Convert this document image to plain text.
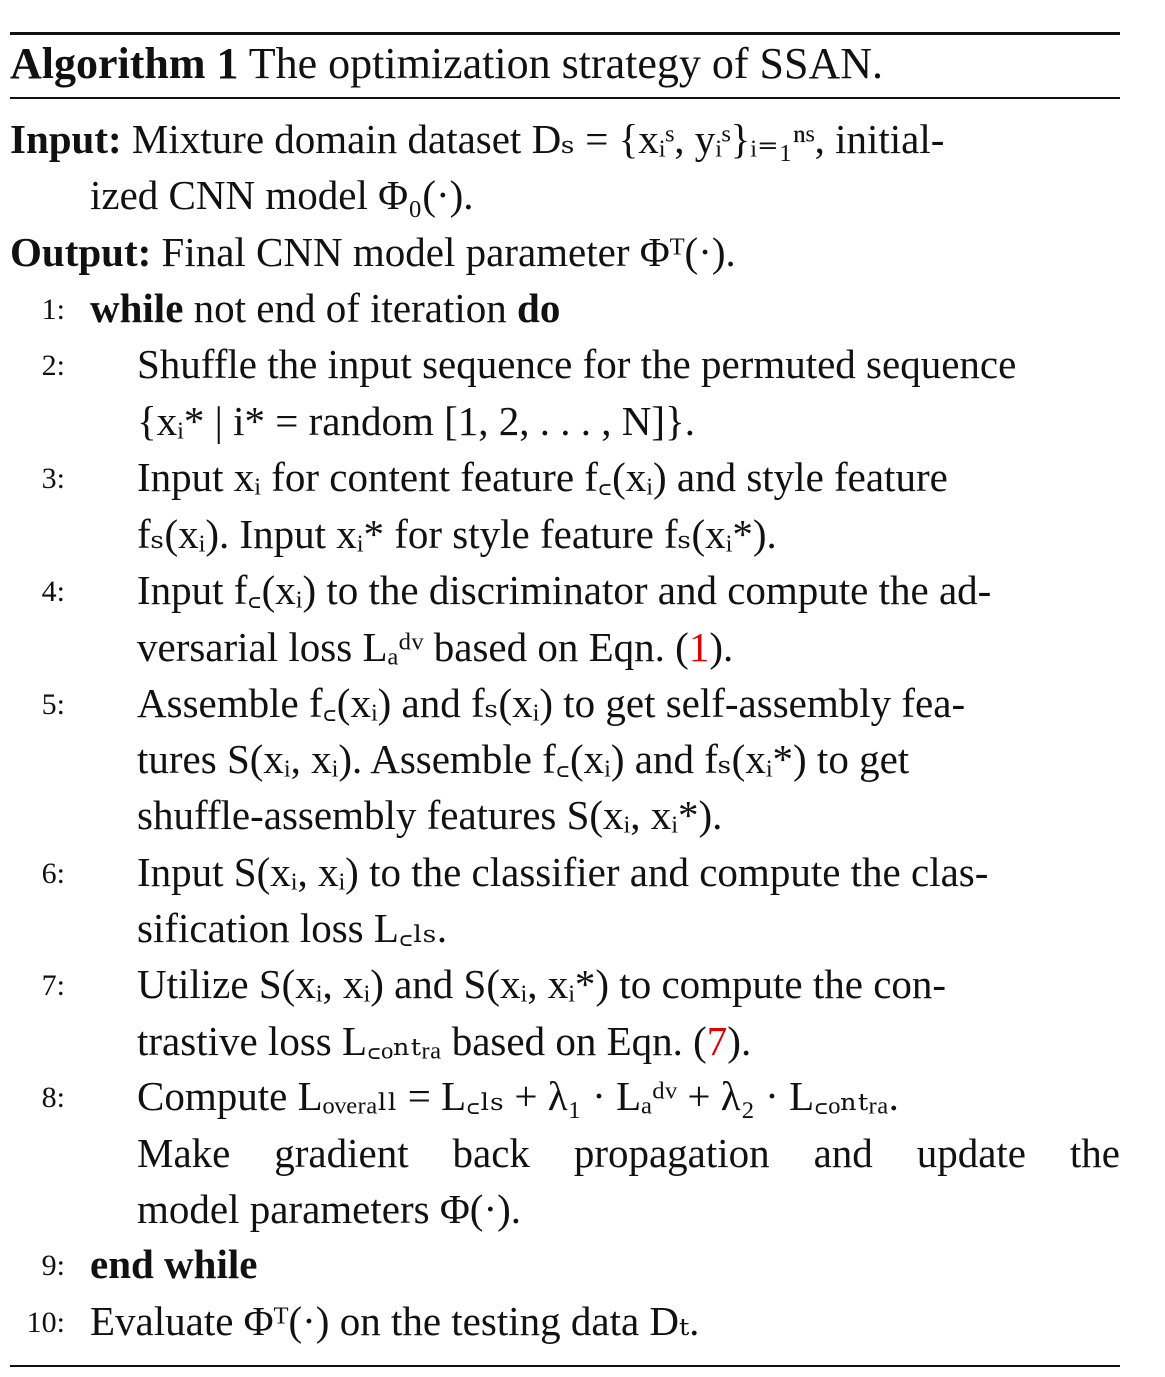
Algorithm 1 The optimization strategy of SSAN.
Input: Mixture domain dataset Dₛ = {xᵢˢ, yᵢˢ}ᵢ₌₁ⁿˢ, initial-
ized CNN model Φ₀(·).
Output: Final CNN model parameter Φᵀ(·).
1: while not end of iteration do
2: Shuffle the input sequence for the permuted sequence
{xᵢ* | i* = random [1, 2, . . . , N]}.
3: Input xᵢ for content feature f꜀(xᵢ) and style feature
fₛ(xᵢ). Input xᵢ* for style feature fₛ(xᵢ*).
4: Input f꜀(xᵢ) to the discriminator and compute the ad-
versarial loss Lₐᵈᵛ based on Eqn. (1).
5: Assemble f꜀(xᵢ) and fₛ(xᵢ) to get self-assembly fea-
tures S(xᵢ, xᵢ). Assemble f꜀(xᵢ) and fₛ(xᵢ*) to get
shuffle-assembly features S(xᵢ, xᵢ*).
6: Input S(xᵢ, xᵢ) to the classifier and compute the clas-
sification loss L꜀ₗₛ.
7: Utilize S(xᵢ, xᵢ) and S(xᵢ, xᵢ*) to compute the con-
trastive loss L꜀ₒₙₜᵣₐ based on Eqn. (7).
8: Compute Lₒᵥₑᵣₐₗₗ = L꜀ₗₛ + λ₁ · Lₐᵈᵛ + λ₂ · L꜀ₒₙₜᵣₐ.
Make gradient back propagation and update the
model parameters Φ(·).
9: end while
10: Evaluate Φᵀ(·) on the testing data Dₜ.
